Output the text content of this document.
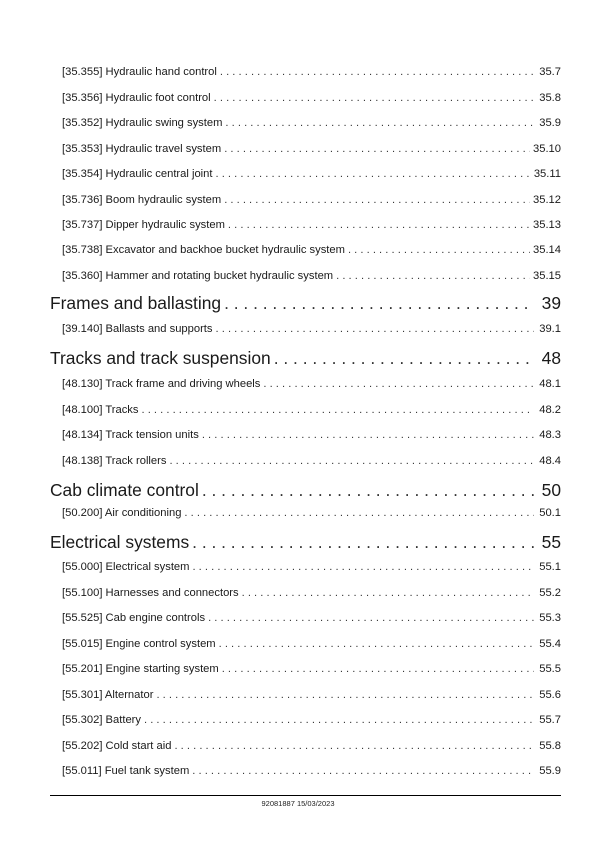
[35.355] Hydraulic hand control . . .	35.7
[35.356] Hydraulic foot control . . .	35.8
[35.352] Hydraulic swing system . . .	35.9
[35.353] Hydraulic travel system . . .	35.10
[35.354] Hydraulic central joint . . .	35.11
[35.736] Boom hydraulic system . . .	35.12
[35.737] Dipper hydraulic system . . .	35.13
[35.738] Excavator and backhoe bucket hydraulic system . . .	35.14
[35.360] Hammer and rotating bucket hydraulic system . . .	35.15
Frames and ballasting . . .	39
[39.140] Ballasts and supports . . .	39.1
Tracks and track suspension . . .	48
[48.130] Track frame and driving wheels . . .	48.1
[48.100] Tracks . . .	48.2
[48.134] Track tension units . . .	48.3
[48.138] Track rollers . . .	48.4
Cab climate control . . .	50
[50.200] Air conditioning . . .	50.1
Electrical systems . . .	55
[55.000] Electrical system . . .	55.1
[55.100] Harnesses and connectors . . .	55.2
[55.525] Cab engine controls . . .	55.3
[55.015] Engine control system . . .	55.4
[55.201] Engine starting system . . .	55.5
[55.301] Alternator . . .	55.6
[55.302] Battery . . .	55.7
[55.202] Cold start aid . . .	55.8
[55.011] Fuel tank system . . .	55.9
92081887 15/03/2023
